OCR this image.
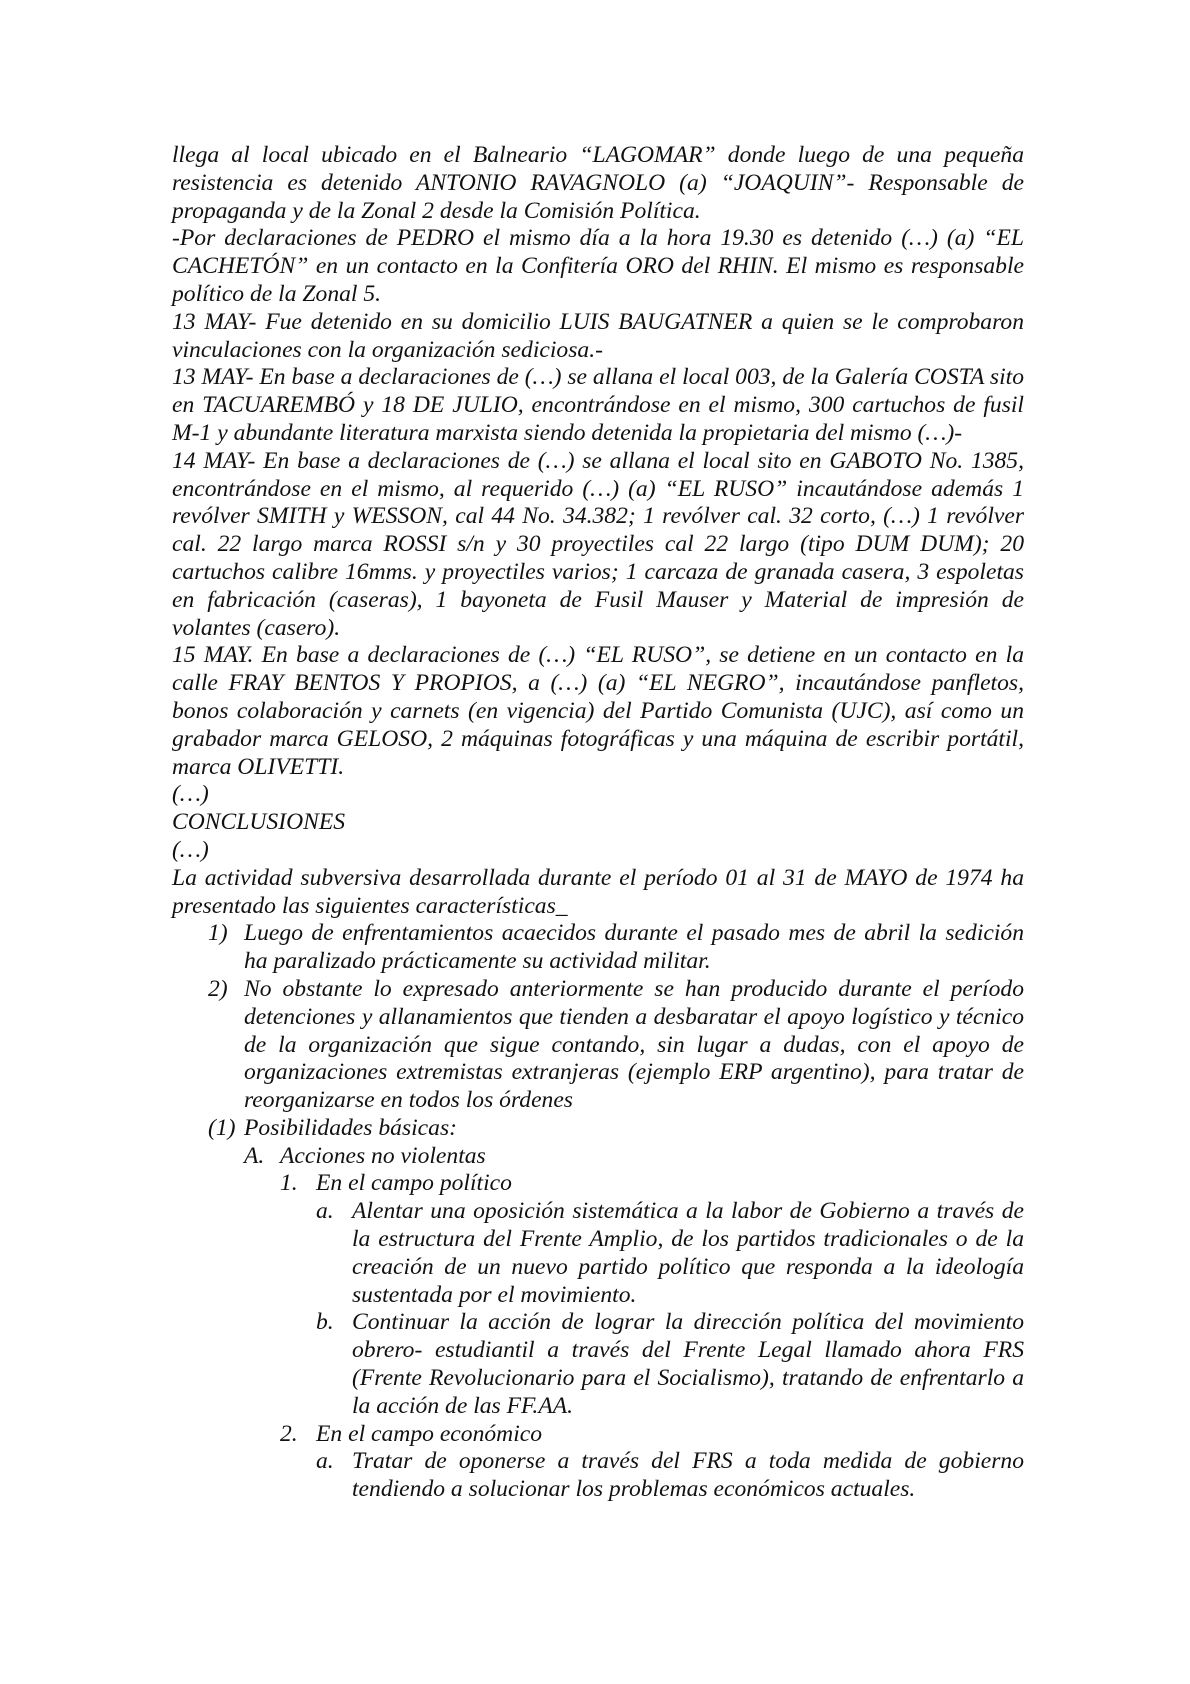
llega al local ubicado en el Balneario “LAGOMAR” donde luego de una pequeña resistencia es detenido ANTONIO RAVAGNOLO (a) “JOAQUIN”- Responsable de propaganda y de la Zonal 2 desde la Comisión Política.

-Por declaraciones de PEDRO el mismo día a la hora 19.30 es detenido (…) (a) “EL CACHETÓN” en un contacto en la Confitería ORO del RHIN. El mismo es responsable político de la Zonal 5.

13 MAY- Fue detenido en su domicilio LUIS BAUGATNER a quien se le comprobaron vinculaciones con la organización sediciosa.-

13 MAY- En base a declaraciones de (…) se allana el local 003, de la Galería COSTA sito en TACUAREMBÓ y 18 DE JULIO, encontrándose en el mismo, 300 cartuchos de fusil M-1 y abundante literatura marxista siendo detenida la propietaria del mismo (…)-

14 MAY- En base a declaraciones de (…) se allana el local sito en GABOTO No. 1385, encontrándose en el mismo, al requerido (…) (a) “EL RUSO” incautándose además 1 revólver SMITH y WESSON, cal 44 No. 34.382; 1 revólver cal. 32 corto, (…) 1 revólver cal. 22 largo marca ROSSI s/n y 30 proyectiles cal 22 largo (tipo DUM DUM); 20 cartuchos calibre 16mms. y proyectiles varios; 1 carcaza de granada casera, 3 espoletas en fabricación (caseras), 1 bayoneta de Fusil Mauser y Material de impresión de volantes (casero).

15 MAY. En base a declaraciones de (…) “EL RUSO”, se detiene en un contacto en la calle FRAY BENTOS Y PROPIOS, a (…) (a) “EL NEGRO”, incautándose panfletos, bonos colaboración y carnets (en vigencia) del Partido Comunista (UJC), así como un grabador marca GELOSO, 2 máquinas fotográficas y una máquina de escribir portátil, marca OLIVETTI.

(…)

CONCLUSIONES

(…)

La actividad subversiva desarrollada durante el período 01 al 31 de MAYO de 1974 ha presentado las siguientes características_

1) Luego de enfrentamientos acaecidos durante el pasado mes de abril la sedición ha paralizado prácticamente su actividad militar.
2) No obstante lo expresado anteriormente se han producido durante el período detenciones y allanamientos que tienden a desbaratar el apoyo logístico y técnico de la organización que sigue contando, sin lugar a dudas, con el apoyo de organizaciones extremistas extranjeras (ejemplo ERP argentino), para tratar de reorganizarse en todos los órdenes
(1) Posibilidades básicas:
A. Acciones no violentas
1. En el campo político
a. Alentar una oposición sistemática a la labor de Gobierno a través de la estructura del Frente Amplio, de los partidos tradicionales o de la creación de un nuevo partido político que responda a la ideología sustentada por el movimiento.
b. Continuar la acción de lograr la dirección política del movimiento obrero- estudiantil a través del Frente Legal llamado ahora FRS (Frente Revolucionario para el Socialismo), tratando de enfrentarlo a la acción de las FF.AA.
2. En el campo económico
a. Tratar de oponerse a través del FRS a toda medida de gobierno tendiendo a solucionar los problemas económicos actuales.
